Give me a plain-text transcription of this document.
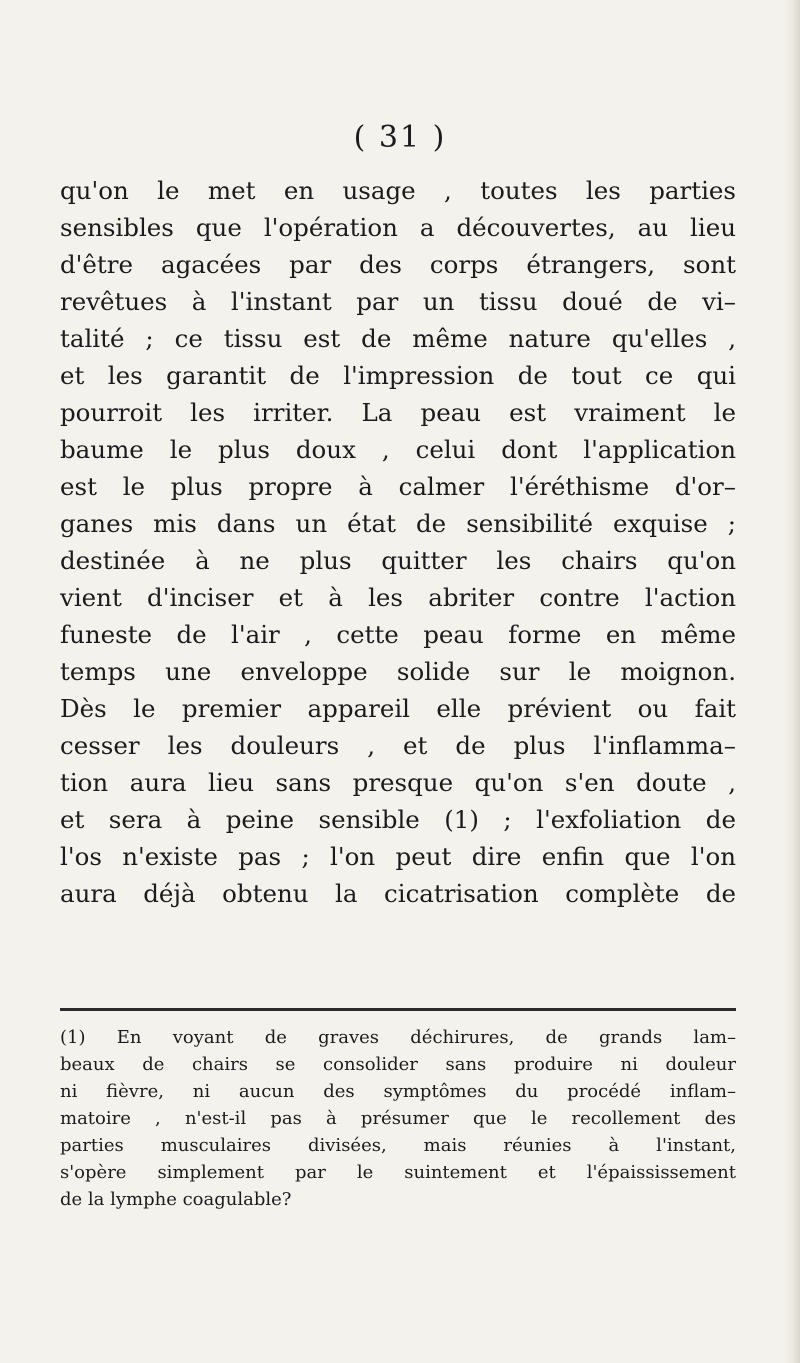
( 31 )
qu'on le met en usage , toutes les parties
sensibles que l'opération a découvertes, au lieu
d'être agacées par des corps étrangers, sont
revêtues à l'instant par un tissu doué de vi–
talité ; ce tissu est de même nature qu'elles ,
et les garantit de l'impression de tout ce qui
pourroit les irriter. La peau est vraiment le
baume le plus doux , celui dont l'application
est le plus propre à calmer l'éréthisme d'or–
ganes mis dans un état de sensibilité exquise ;
destinée à ne plus quitter les chairs qu'on
vient d'inciser et à les abriter contre l'action
funeste de l'air , cette peau forme en même
temps une enveloppe solide sur le moignon.
Dès le premier appareil elle prévient ou fait
cesser les douleurs , et de plus l'inflamma–
tion aura lieu sans presque qu'on s'en doute ,
et sera à peine sensible (1) ; l'exfoliation de
l'os n'existe pas ; l'on peut dire enfin que l'on
aura déjà obtenu la cicatrisation complète de
(1) En voyant de graves déchirures, de grands lam–
beaux de chairs se consolider sans produire ni douleur
ni fièvre, ni aucun des symptômes du procédé inflam–
matoire , n'est-il pas à présumer que le recollement des
parties musculaires divisées, mais réunies à l'instant,
s'opère simplement par le suintement et l'épaississement
de la lymphe coagulable?
